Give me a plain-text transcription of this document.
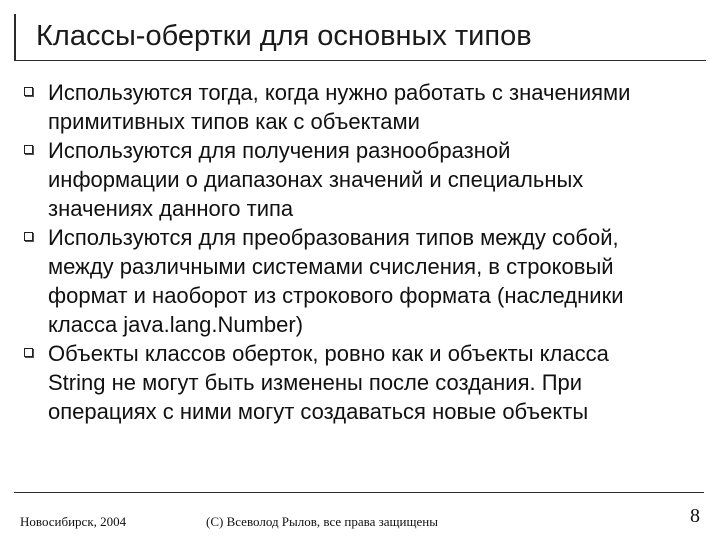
Классы-обертки для основных типов
Используются тогда, когда нужно работать с значениями
примитивных типов как с объектами
Используются для получения разнообразной
информации о диапазонах значений и специальных
значениях данного типа
Используются для преобразования типов между собой,
между различными системами счисления, в строковый
формат и наоборот из строкового формата (наследники
класса java.lang.Number)
Объекты классов оберток, ровно как и объекты класса
String не могут быть изменены после создания. При
операциях с ними могут создаваться новые объекты
Новосибирск, 2004	(C) Всеволод Рылов, все права защищены	8
